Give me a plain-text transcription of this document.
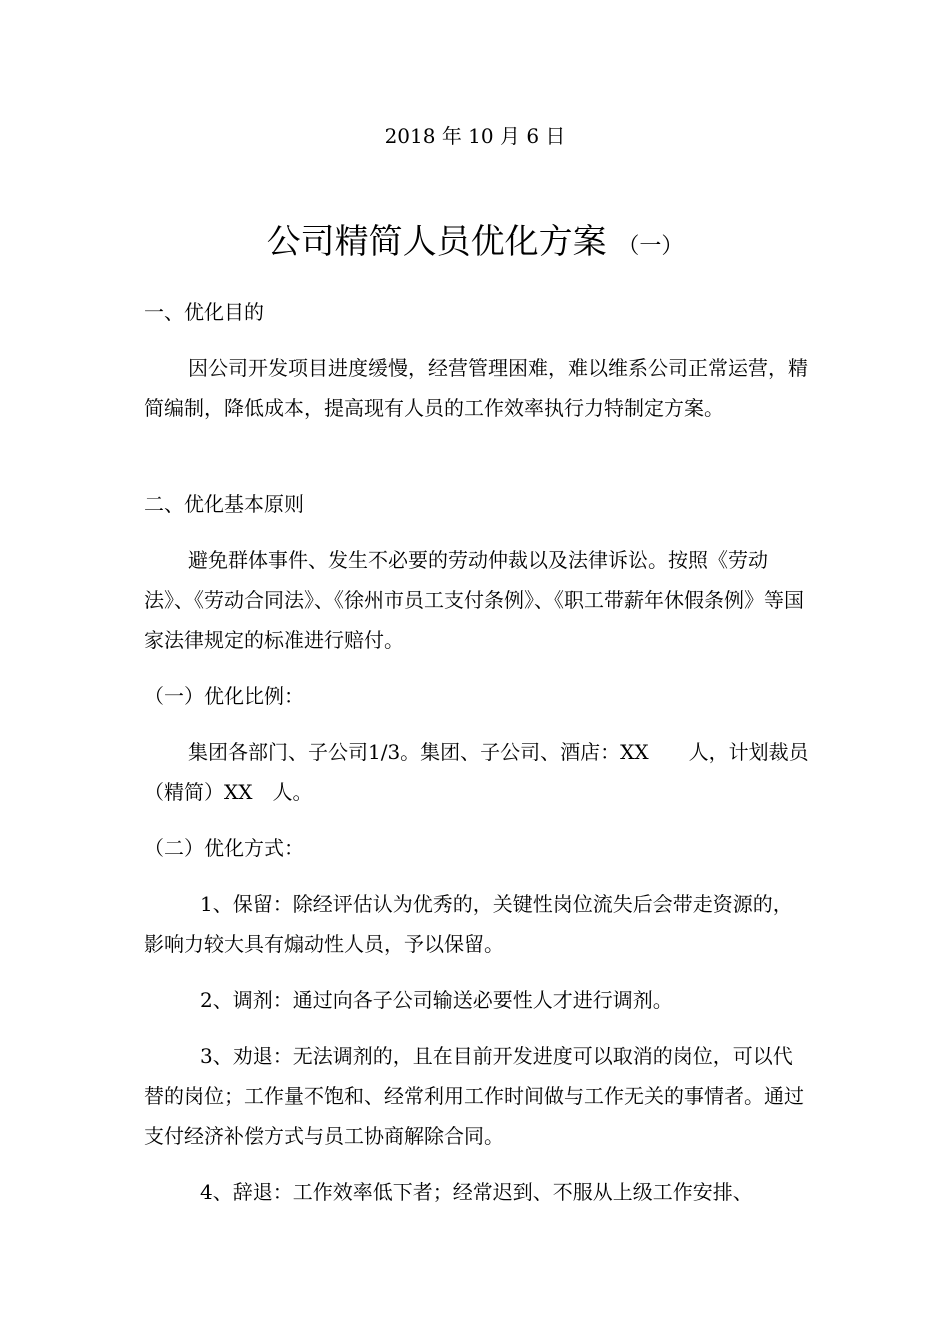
2018 年 10 月 6 日
公司精简人员优化方案 （一）
一、优化目的
因公司开发项目进度缓慢，经营管理困难，难以维系公司正常运营，精简编制，降低成本，提高现有人员的工作效率执行力特制定方案。
二、优化基本原则
避免群体事件、发生不必要的劳动仲裁以及法律诉讼。按照《劳动法》、《劳动合同法》、《徐州市员工支付条例》、《职工带薪年休假条例》等国家法律规定的标准进行赔付。
（一）优化比例：
集团各部门、子公司1/3。集团、子公司、酒店：XX　　人，计划裁员（精简）XX　人。
（二）优化方式：
1、保留：除经评估认为优秀的，关键性岗位流失后会带走资源的，影响力较大具有煽动性人员，予以保留。
2、调剂：通过向各子公司输送必要性人才进行调剂。
3、劝退：无法调剂的，且在目前开发进度可以取消的岗位，可以代替的岗位；工作量不饱和、经常利用工作时间做与工作无关的事情者。通过支付经济补偿方式与员工协商解除合同。
4、辞退：工作效率低下者；经常迟到、不服从上级工作安排、
